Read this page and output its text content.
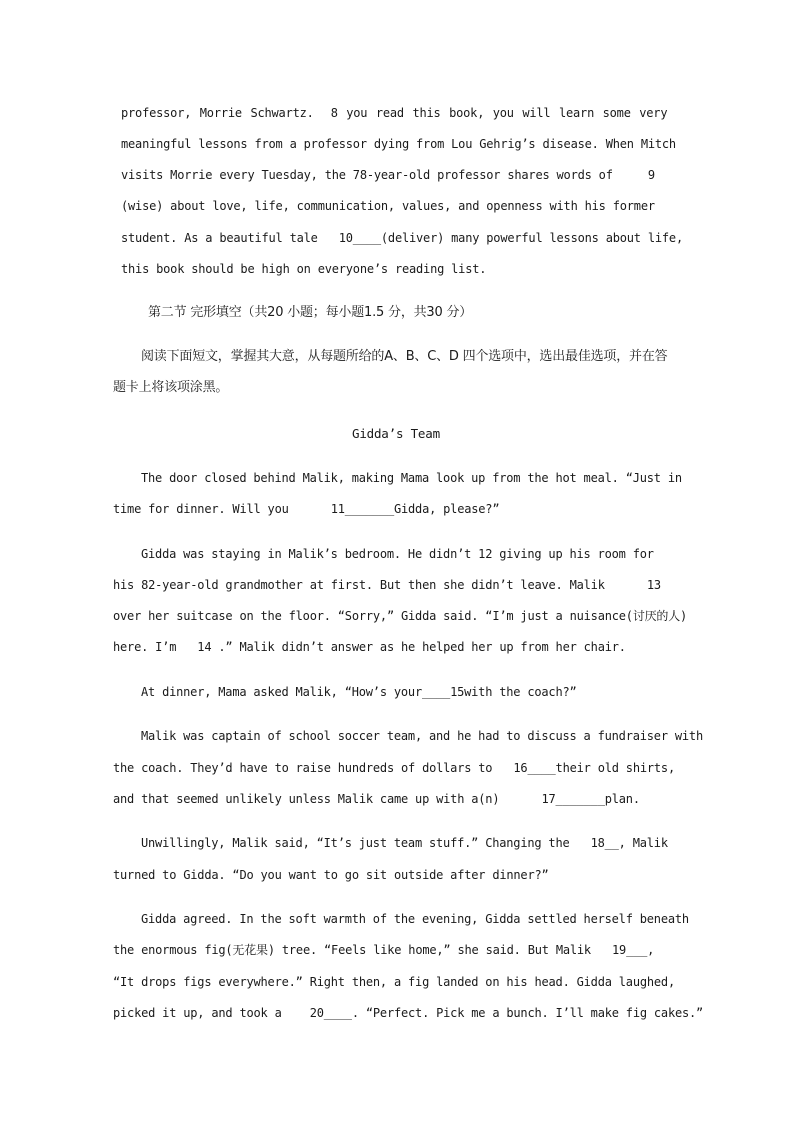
professor, Morrie Schwartz.  8 you read this book, you will learn some very
meaningful lessons from a professor dying from Lou Gehrig’s disease. When Mitch
visits Morrie every Tuesday, the 78-year-old professor shares words of     9
(wise) about love, life, communication, values, and openness with his former
student. As a beautiful tale   10____(deliver) many powerful lessons about life,
this book should be high on everyone’s reading list.
第二节 完形填空（共20 小题；每小题1.5 分，共30 分）
阅读下面短文，掌握其大意，从每题所给的A、B、C、D 四个选项中，选出最佳选项，并在答
题卡上将该项涂黑。
Gidda’s Team
The door closed behind Malik, making Mama look up from the hot meal. “Just in
time for dinner. Will you      11_______Gidda, please?”
Gidda was staying in Malik’s bedroom. He didn’t 12 giving up his room for
his 82-year-old grandmother at first. But then she didn’t leave. Malik      13
over her suitcase on the floor. “Sorry,” Gidda said. “I’m just a nuisance(讨厌的人)
here. I’m   14 .” Malik didn’t answer as he helped her up from her chair.
At dinner, Mama asked Malik, “How’s your____15with the coach?”
Malik was captain of school soccer team, and he had to discuss a fundraiser with
the coach. They’d have to raise hundreds of dollars to   16____their old shirts,
and that seemed unlikely unless Malik came up with a(n)      17_______plan.
Unwillingly, Malik said, “It’s just team stuff.” Changing the   18__, Malik
turned to Gidda. “Do you want to go sit outside after dinner?”
Gidda agreed. In the soft warmth of the evening, Gidda settled herself beneath
the enormous fig(无花果) tree. “Feels like home,” she said. But Malik   19___,
“It drops figs everywhere.” Right then, a fig landed on his head. Gidda laughed,
picked it up, and took a    20____. “Perfect. Pick me a bunch. I’ll make fig cakes.”
